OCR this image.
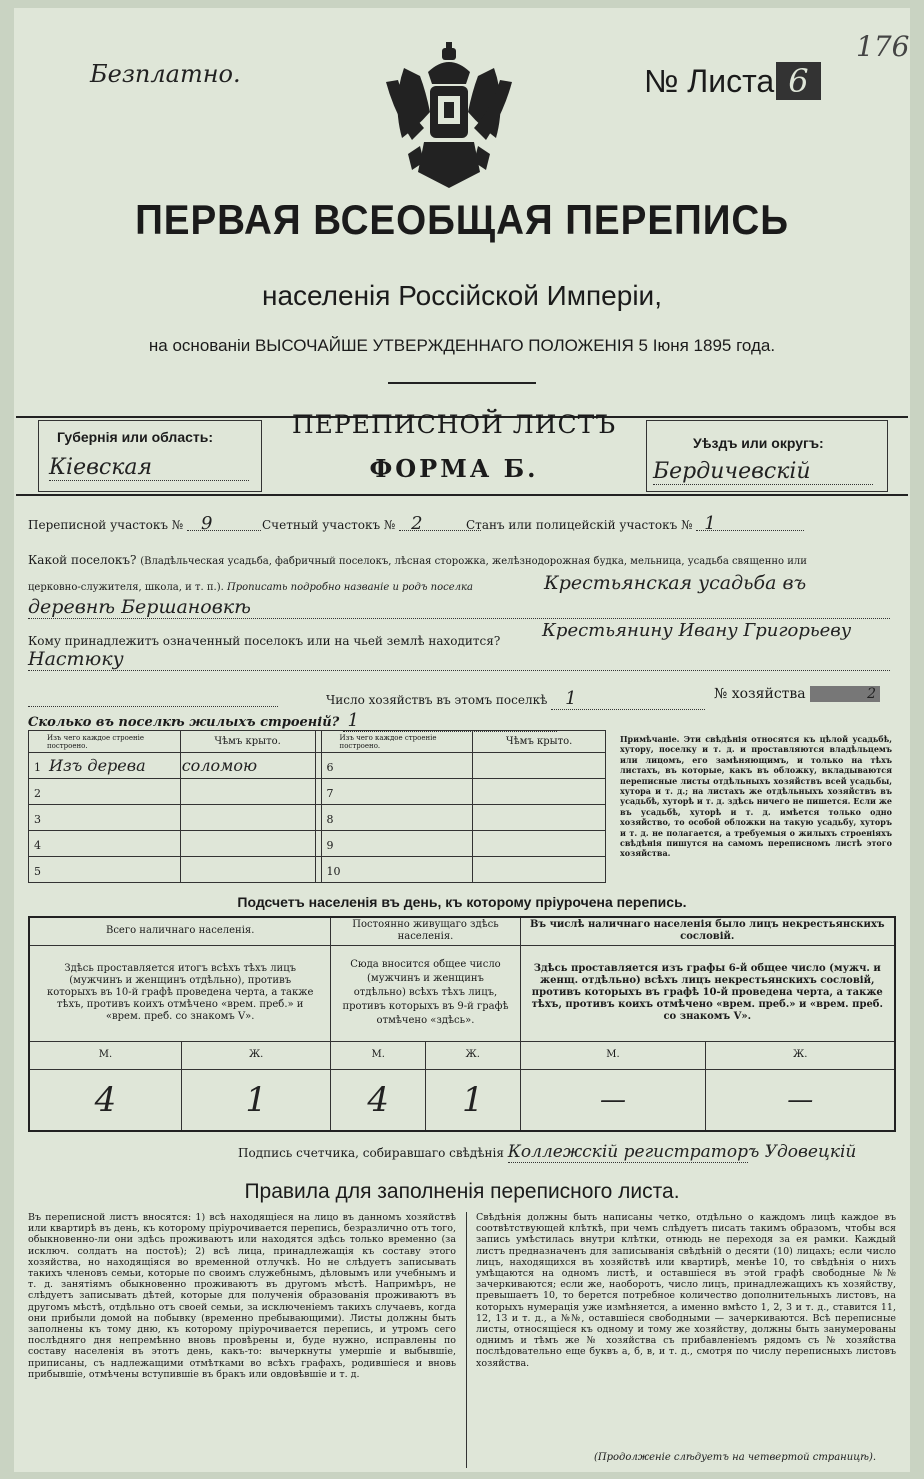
Безплатно.	№ Листа 6
176
ПЕРВАЯ ВСЕОБЩАЯ ПЕРЕПИСЬ
населенія Россійской Имперіи,
на основаніи ВЫСОЧАЙШЕ УТВЕРЖДЕННАГО ПОЛОЖЕНІЯ 5 Іюня 1895 года.
Губернія или область:
Кіевская
Уѣздъ или округъ:
Бердичевскій
ПЕРЕПИСНОЙ ЛИСТЪ
ФОРМА Б.
Переписной участокъ № 9	Счетный участокъ № 2	Станъ или полицейскій участокъ № 1
Какой поселокъ? (Владѣльческая усадьба, фабричный поселокъ, лѣсная сторожка, желѣзнодорожная будка, мельница, усадьба священно или
церковно-служителя, школа, и т. п.). Прописать подробно названіе и родъ поселка	Крестьянская усадьба въ
деревнѣ Бершановкѣ
Кому принадлежитъ означенный поселокъ или на чьей землѣ находится? Крестьянину Ивану Григорьеву
Настюку
Число хозяйствъ въ этомъ поселкѣ 1	№ хозяйства	2
Сколько въ поселкѣ жилыхъ строеній? 1
Изъ чего каждое строеніе построено.	Чѣмъ крыто.		Изъ чего каждое строеніе построено.	Чѣмъ крыто.
1 Изъ дерева	соломою		6	
2			7	
3			8	
4			9	
5			10	
Примѣчаніе. Эти свѣдѣнія относятся къ цѣлой усадьбѣ, хутору, поселку и т. д. и проставляются владѣльцемъ или лицомъ, его замѣняющимъ, и только на тѣхъ листахъ, въ которые, какъ въ обложку, вкладываются переписные листы отдѣльныхъ хозяйствъ всей усадьбы, хутора и т. д.; на листахъ же отдѣльныхъ хозяйствъ въ усадьбѣ, хуторѣ и т. д. здѣсь ничего не пишется. Если же въ усадьбѣ, хуторѣ и т. д. имѣется только одно хозяйство, то особой обложки на такую усадьбу, хуторъ и т. д. не полагается, а требуемыя о жилыхъ строеніяхъ свѣдѣнія пишутся на самомъ переписномъ листѣ этого хозяйства.
Подсчетъ населенія въ день, къ которому пріурочена перепись.
Всего наличнаго населенія.		Постоянно живущаго здѣсь населенія.		Въ числѣ наличнаго населенія было лицъ некрестьянскихъ сословій.	
Здѣсь проставляется итогъ всѣхъ тѣхъ лицъ (мужчинъ и женщинъ отдѣльно), противъ которыхъ въ 10-й графѣ проведена черта, а также тѣхъ, противъ коихъ отмѣчено «врем. преб.» и «врем. преб. со знакомъ V».		Сюда вносится общее число (мужчинъ и женщинъ отдѣльно) всѣхъ тѣхъ лицъ, противъ которыхъ въ 9-й графѣ отмѣчено «здѣсь».		Здѣсь проставляется изъ графы 6-й общее число (мужч. и женщ. отдѣльно) всѣхъ лицъ некрестьянскихъ сословій, противъ которыхъ въ графѣ 10-й проведена черта, а также тѣхъ, противъ коихъ отмѣчено «врем. преб.» и «врем. преб. со знакомъ V».	
М.	Ж.	М.	Ж.	М.	Ж.
4	1	4	1	—	—
Подпись счетчика, собиравшаго свѣдѣнія Коллежскій регистраторъ Удовецкій
Правила для заполненія переписного листа.
Въ переписной листъ вносятся: 1) всѣ находящіеся на лицо въ данномъ хозяйствѣ или квартирѣ въ день, къ которому пріурочивается перепись, безразлично отъ того, обыкновенно-ли они здѣсь проживаютъ или находятся здѣсь только временно (за исключ. солдатъ на постоѣ); 2) всѣ лица, принадлежащія къ составу этого хозяйства, но находящіяся во временной отлучкѣ. Но не слѣдуетъ записывать такихъ членовъ семьи, которые по своимъ служебнымъ, дѣловымъ или учебнымъ и т. д. занятіямъ обыкновенно проживаютъ въ другомъ мѣстѣ. Напримѣръ, не слѣдуетъ записывать дѣтей, которые для полученія образованія проживаютъ въ другомъ мѣстѣ, отдѣльно отъ своей семьи, за исключеніемъ такихъ случаевъ, когда они прибыли домой на побывку (временно пребывающими). Листы должны быть заполнены къ тому дню, къ которому пріурочивается перепись, и утромъ сего послѣдняго дня непремѣнно вновь провѣрены и, буде нужно, исправлены по составу населенія въ этотъ день, какъ-то: вычеркнуты умершіе и выбывшіе, приписаны, съ надлежащими отмѣтками во всѣхъ графахъ, родившіеся и вновь прибывшіе, отмѣчены вступившіе въ бракъ или овдовѣвшіе и т. д.
Свѣдѣнія должны быть написаны четко, отдѣльно о каждомъ лицѣ каждое въ соотвѣтствующей клѣткѣ, при чемъ слѣдуетъ писать такимъ образомъ, чтобы вся запись умѣстилась внутри клѣтки, отнюдь не переходя за ея рамки. Каждый листъ предназначенъ для записыванія свѣдѣній о десяти (10) лицахъ; если число лицъ, находящихся въ хозяйствѣ или квартирѣ, менѣе 10, то свѣдѣнія о нихъ умѣщаются на одномъ листѣ, и оставшіеся въ этой графѣ свободные №№ зачеркиваются; если же, наоборотъ, число лицъ, принадлежащихъ къ хозяйству, превышаетъ 10, то берется потребное количество дополнительныхъ листовъ, на которыхъ нумерація уже измѣняется, а именно вмѣсто 1, 2, 3 и т. д., ставится 11, 12, 13 и т. д., а №№, оставшіеся свободными — зачеркиваются. Всѣ переписные листы, относящіеся къ одному и тому же хозяйству, должны быть занумерованы однимъ и тѣмъ же № хозяйства съ прибавленіемъ рядомъ съ № хозяйства послѣдовательно еще буквъ а, б, в, и т. д., смотря по числу переписныхъ листовъ хозяйства.
(Продолженіе слѣдуетъ на четвертой страницѣ).
